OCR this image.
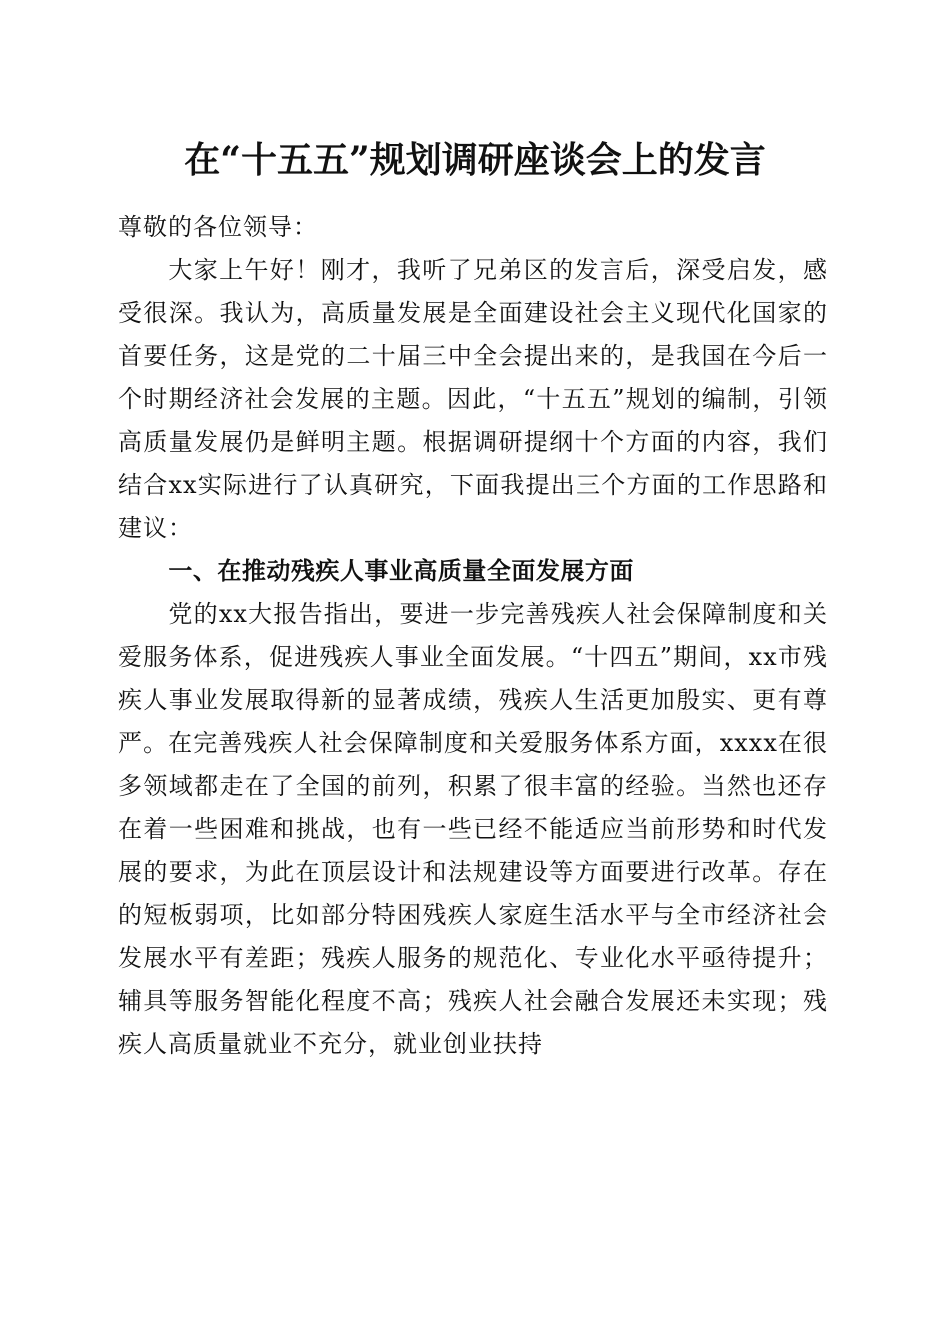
在“十五五”规划调研座谈会上的发言

尊敬的各位领导：

大家上午好！刚才，我听了兄弟区的发言后，深受启发，感受很深。我认为，高质量发展是全面建设社会主义现代化国家的首要任务，这是党的二十届三中全会提出来的，是我国在今后一个时期经济社会发展的主题。因此，“十五五”规划的编制，引领高质量发展仍是鲜明主题。根据调研提纲十个方面的内容，我们结合xx实际进行了认真研究，下面我提出三个方面的工作思路和建议：

一、在推动残疾人事业高质量全面发展方面

党的xx大报告指出，要进一步完善残疾人社会保障制度和关爱服务体系，促进残疾人事业全面发展。“十四五”期间，xx市残疾人事业发展取得新的显著成绩，残疾人生活更加殷实、更有尊严。在完善残疾人社会保障制度和关爱服务体系方面，xxxx在很多领域都走在了全国的前列，积累了很丰富的经验。当然也还存在着一些困难和挑战，也有一些已经不能适应当前形势和时代发展的要求，为此在顶层设计和法规建设等方面要进行改革。存在的短板弱项，比如部分特困残疾人家庭生活水平与全市经济社会发展水平有差距；残疾人服务的规范化、专业化水平亟待提升；辅具等服务智能化程度不高；残疾人社会融合发展还未实现；残疾人高质量就业不充分，就业创业扶持
